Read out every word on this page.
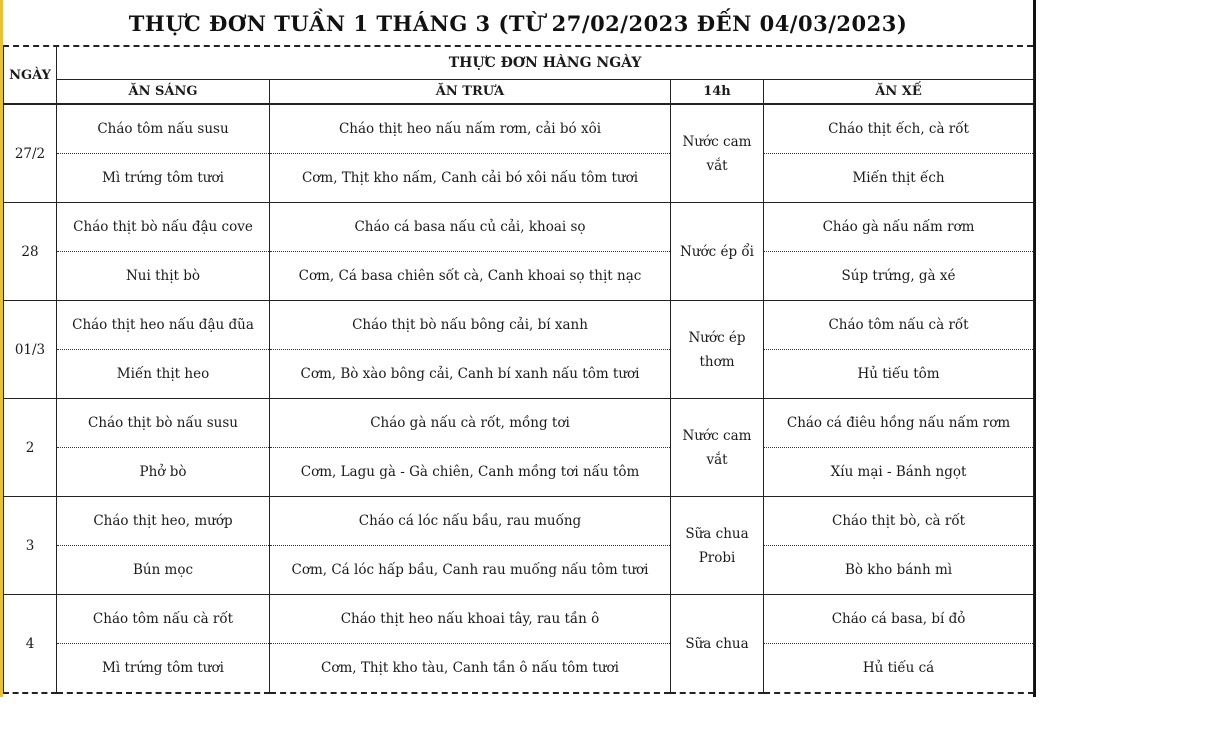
THỰC ĐƠN TUẦN 1 THÁNG 3 (TỪ 27/02/2023 ĐẾN 04/03/2023)
NGÀY	THỰC ĐƠN HÀNG NGÀY			
	ĂN SÁNG	ĂN TRƯA	14h	ĂN XẾ
27/2	Cháo tôm nấu susu	Cháo thịt heo nấu nấm rơm, cải bó xôi	Nước cam vắt	Cháo thịt ếch, cà rốt
	Mì trứng tôm tươi	Cơm, Thịt kho nấm, Canh cải bó xôi nấu tôm tươi		Miến thịt ếch
28	Cháo thịt bò nấu đậu cove	Cháo cá basa nấu củ cải, khoai sọ	Nước ép ổi	Cháo gà nấu nấm rơm
	Nui thịt bò	Cơm, Cá basa chiên sốt cà, Canh khoai sọ thịt nạc		Súp trứng, gà xé
01/3	Cháo thịt heo nấu đậu đũa	Cháo thịt bò nấu bông cải, bí xanh	Nước ép thơm	Cháo tôm nấu cà rốt
	Miến thịt heo	Cơm, Bò xào bông cải, Canh bí xanh nấu tôm tươi		Hủ tiếu tôm
2	Cháo thịt bò nấu susu	Cháo gà nấu cà rốt, mồng tơi	Nước cam vắt	Cháo cá điêu hồng nấu nấm rơm
	Phở bò	Cơm, Lagu gà - Gà chiên, Canh mồng tơi nấu tôm		Xíu mại - Bánh ngọt
3	Cháo thịt heo, mướp	Cháo cá lóc nấu bầu, rau muống	Sữa chua Probi	Cháo thịt bò, cà rốt
	Bún mọc	Cơm, Cá lóc hấp bầu, Canh rau muống nấu tôm tươi		Bò kho bánh mì
4	Cháo tôm nấu cà rốt	Cháo thịt heo nấu khoai tây, rau tần ô	Sữa chua	Cháo cá basa, bí đỏ
	Mì trứng tôm tươi	Cơm, Thịt kho tàu, Canh tần ô nấu tôm tươi		Hủ tiếu cá
